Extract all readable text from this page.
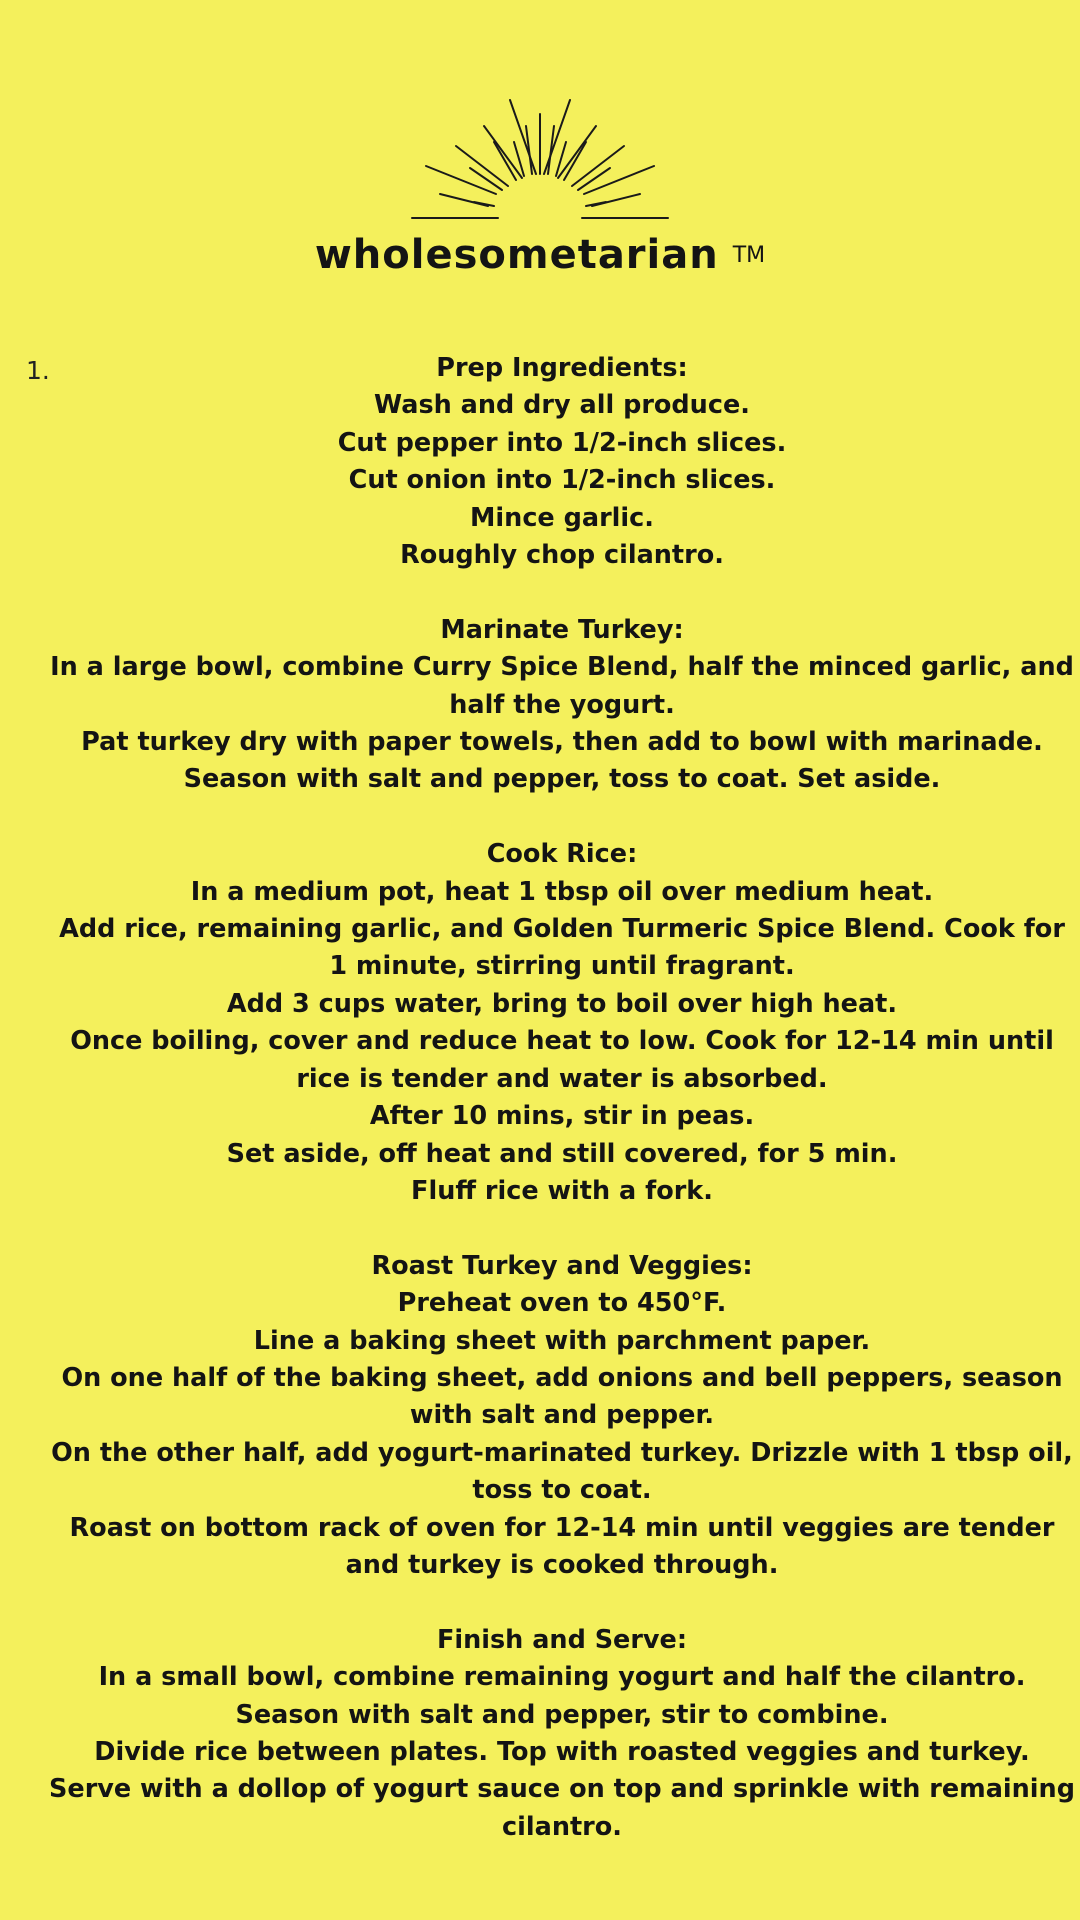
wholesometarian TM
1.	Prep Ingredients:
Wash and dry all produce.
Cut pepper into 1/2-inch slices.
Cut onion into 1/2-inch slices.
Mince garlic.
Roughly chop cilantro.
Marinate Turkey:
In a large bowl, combine Curry Spice Blend, half the minced garlic, and half the yogurt.
Pat turkey dry with paper towels, then add to bowl with marinade.
Season with salt and pepper, toss to coat. Set aside.
Cook Rice:
In a medium pot, heat 1 tbsp oil over medium heat.
Add rice, remaining garlic, and Golden Turmeric Spice Blend. Cook for 1 minute, stirring until fragrant.
Add 3 cups water, bring to boil over high heat.
Once boiling, cover and reduce heat to low. Cook for 12-14 min until rice is tender and water is absorbed.
After 10 mins, stir in peas.
Set aside, off heat and still covered, for 5 min.
Fluff rice with a fork.
Roast Turkey and Veggies:
Preheat oven to 450°F.
Line a baking sheet with parchment paper.
On one half of the baking sheet, add onions and bell peppers, season with salt and pepper.
On the other half, add yogurt-marinated turkey. Drizzle with 1 tbsp oil, toss to coat.
Roast on bottom rack of oven for 12-14 min until veggies are tender and turkey is cooked through.
Finish and Serve:
In a small bowl, combine remaining yogurt and half the cilantro. Season with salt and pepper, stir to combine.
Divide rice between plates. Top with roasted veggies and turkey.
Serve with a dollop of yogurt sauce on top and sprinkle with remaining cilantro.
